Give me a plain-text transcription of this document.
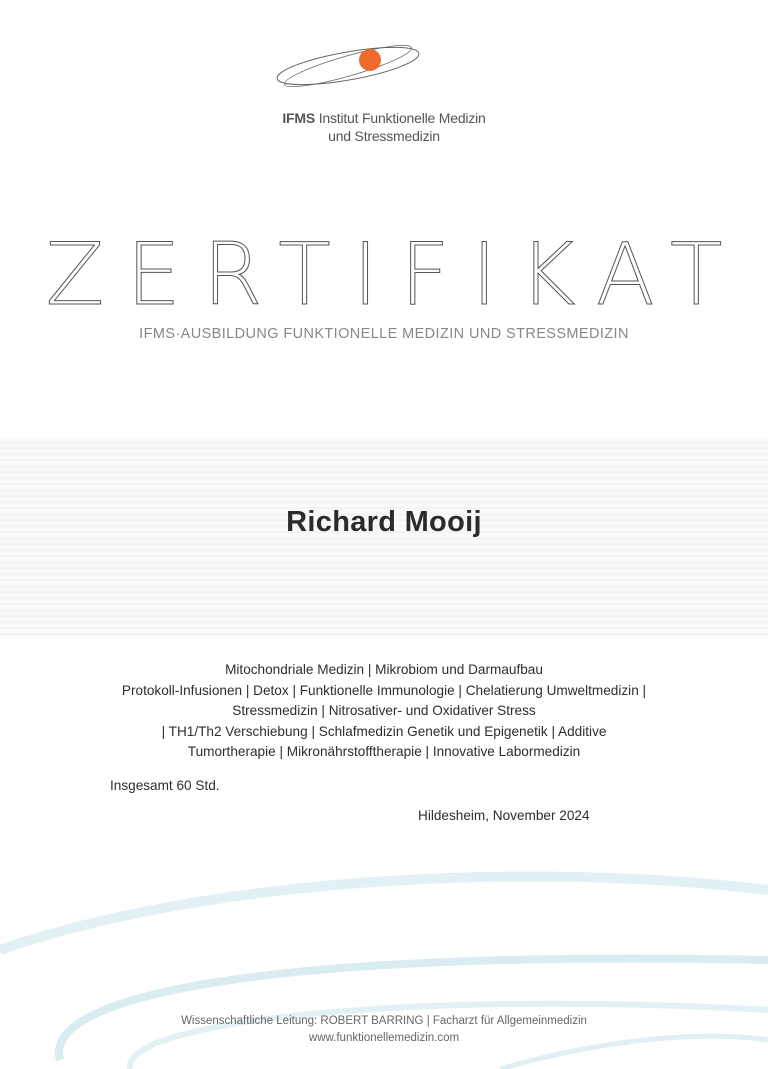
IFMS Institut Funktionelle Medizin
und Stressmedizin
ZERTIFIKAT
IFMS·AUSBILDUNG FUNKTIONELLE MEDIZIN UND STRESSMEDIZIN
Richard Mooij
Mitochondriale Medizin | Mikrobiom und Darmaufbau
Protokoll-Infusionen | Detox | Funktionelle Immunologie | Chelatierung Umweltmedizin |
Stressmedizin | Nitrosativer- und Oxidativer Stress
| TH1/Th2 Verschiebung | Schlafmedizin Genetik und Epigenetik | Additive
Tumortherapie | Mikronährstofftherapie | Innovative Labormedizin
Insgesamt 60 Std.
Hildesheim, November 2024
Wissenschaftliche Leitung: ROBERT BARRING | Facharzt für Allgemeinmedizin
www.funktionellemedizin.com
